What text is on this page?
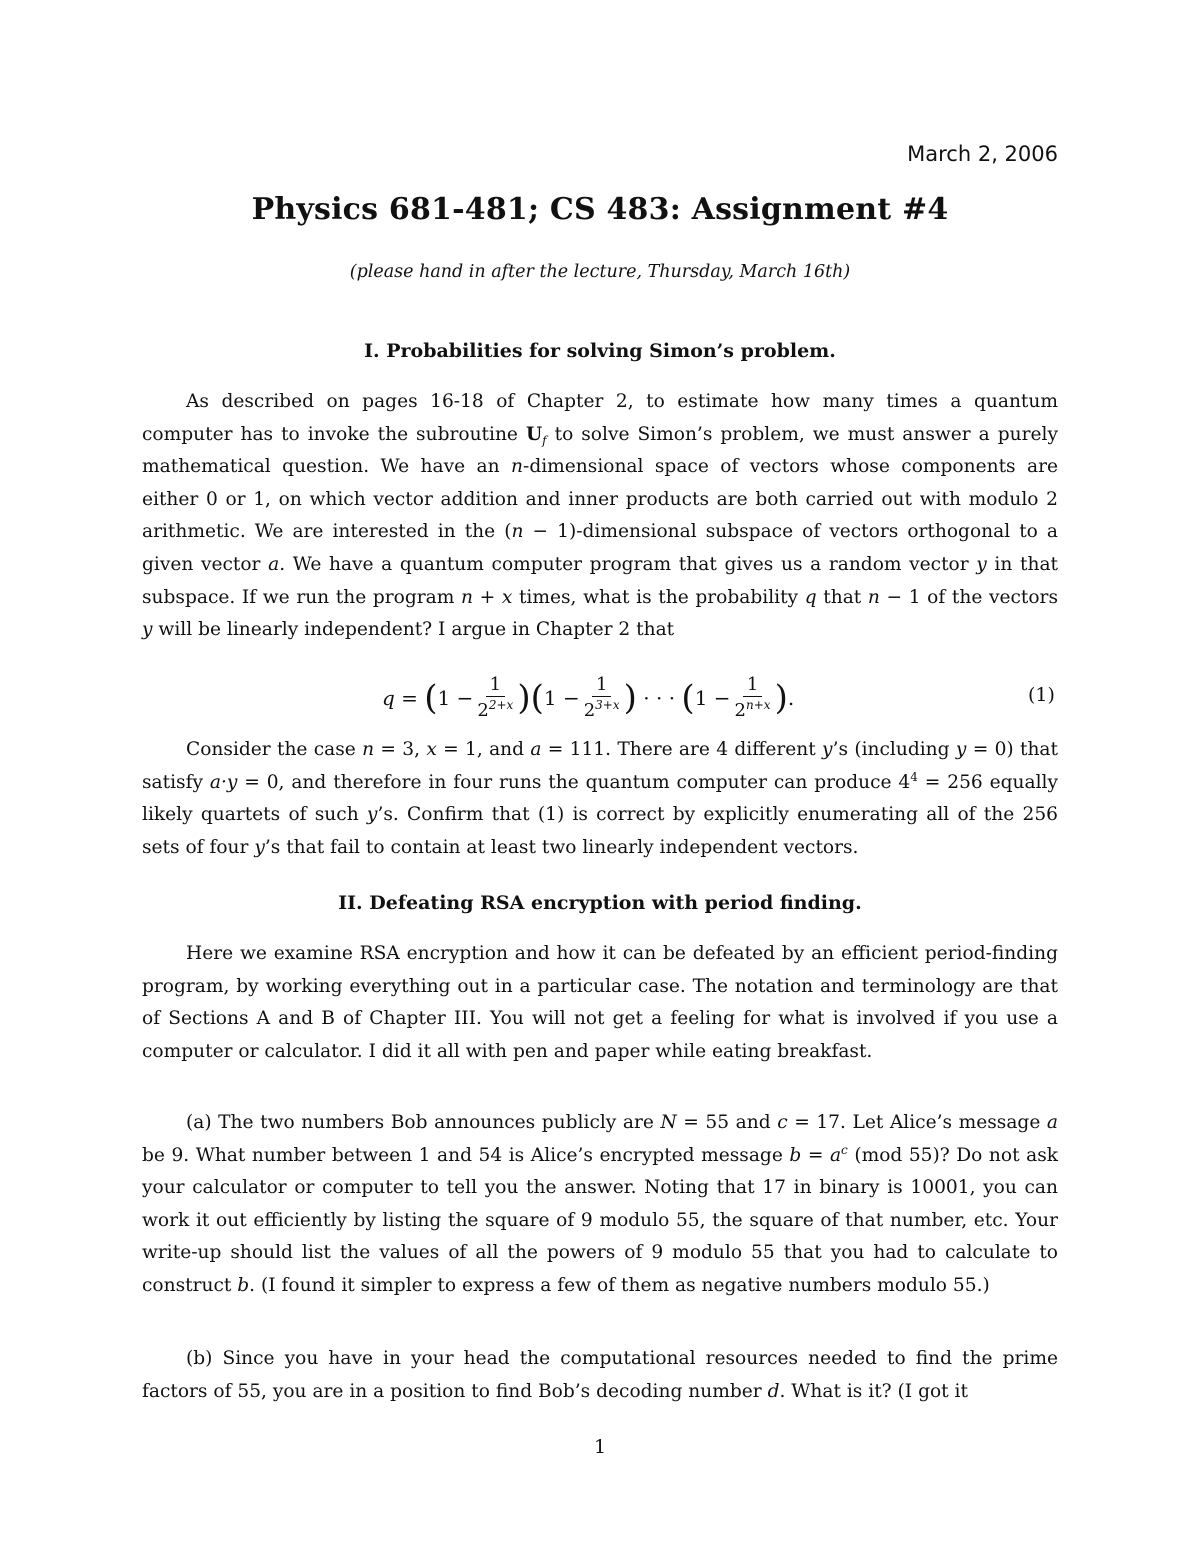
March 2, 2006
Physics 681-481; CS 483: Assignment #4
(please hand in after the lecture, Thursday, March 16th)
I. Probabilities for solving Simon’s problem.

As described on pages 16-18 of Chapter 2, to estimate how many times a quantum computer has to invoke the subroutine $U_f$ to solve Simon’s problem, we must answer a purely mathematical question. We have an n-dimensional space of vectors whose components are either 0 or 1, on which vector addition and inner products are both carried out with modulo 2 arithmetic. We are interested in the (n − 1)-dimensional subspace of vectors orthogonal to a given vector a. We have a quantum computer program that gives us a random vector y in that subspace. If we run the program n + x times, what is the probability q that n − 1 of the vectors y will be linearly independent? I argue in Chapter 2 that

q =
( 1
− $\frac{1}{2^{2+x}}$ ) ( 1
− $\frac{1}{2^{3+x}}$ )
· · ·
( 1
− $\frac{1}{2^{n+x}}$ ) .	(1)

Consider the case n = 3, x = 1, and a = 111. There are 4 different y’s (including y = 0) that satisfy a·y = 0, and therefore in four runs the quantum computer can produce $4^4 = 256$ equally likely quartets of such y’s. Confirm that (1) is correct by explicitly enumerating all of the 256 sets of four y’s that fail to contain at least two linearly independent vectors.

II. Defeating RSA encryption with period finding.

Here we examine RSA encryption and how it can be defeated by an efficient period-finding program, by working everything out in a particular case. The notation and terminology are that of Sections A and B of Chapter III. You will not get a feeling for what is involved if you use a computer or calculator. I did it all with pen and paper while eating breakfast.

(a) The two numbers Bob announces publicly are N = 55 and c = 17. Let Alice’s message a be 9. What number between 1 and 54 is Alice’s encrypted message $b = a^c$ (mod 55)? Do not ask your calculator or computer to tell you the answer. Noting that 17 in binary is 10001, you can work it out efficiently by listing the square of 9 modulo 55, the square of that number, etc. Your write-up should list the values of all the powers of 9 modulo 55 that you had to calculate to construct b. (I found it simpler to express a few of them as negative numbers modulo 55.)

(b) Since you have in your head the computational resources needed to find the prime factors of 55, you are in a position to find Bob’s decoding number d. What is it? (I got it

1
